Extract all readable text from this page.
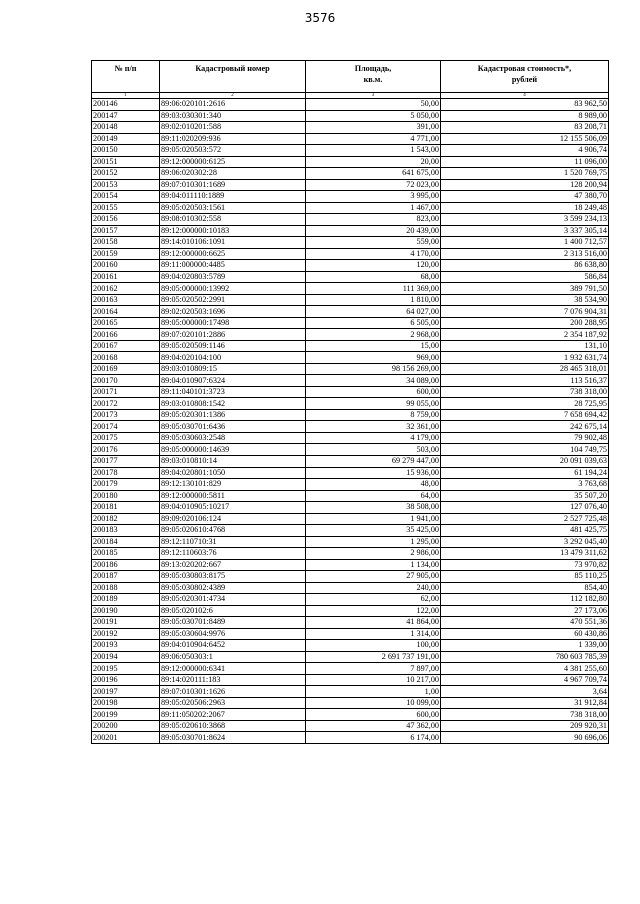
3576
№ п/п	Кадастровый номер	Площадь,
кв.м.	Кадастровая стоимость*,
рублей

1	2	3	4
200146	89:06:020101:2616	50,00	83 962,50
200147	89:03:030301:340	5 050,00	8 989,00
200148	89:02:010201:588	391,00	83 208,71
200149	89:11:020209:936	4 771,00	12 155 506,09
200150	89:05:020503:572	1 543,00	4 906,74
200151	89:12:000000:6125	20,00	11 096,00
200152	89:06:020302:28	641 675,00	1 520 769,75
200153	89:07:010301:1689	72 023,00	128 200,94
200154	89:04:011110:1889	3 995,00	47 380,70
200155	89:05:020503:1561	1 467,00	18 249,48
200156	89:08:010302:558	823,00	3 599 234,13
200157	89:12:000000:10183	20 439,00	3 337 305,14
200158	89:14:010106:1091	559,00	1 400 712,57
200159	89:12:000000:6625	4 170,00	2 313 516,00
200160	89:11:000000:4485	120,00	86 638,80
200161	89:04:020803:5789	68,00	586,84
200162	89:05:000000:13992	111 369,00	389 791,50
200163	89:05:020502:2991	1 810,00	38 534,90
200164	89:02:020503:1696	64 027,00	7 076 904,31
200165	89:05:000000:17498	6 505,00	200 288,95
200166	89:07:020101:2886	2 968,00	2 354 187,92
200167	89:05:020509:1146	15,00	131,10
200168	89:04:020104:100	969,00	1 932 631,74
200169	89:03:010809:15	98 156 269,00	28 465 318,01
200170	89:04:010907:6324	34 089,00	113 516,37
200171	89:11:040101:3723	600,00	738 318,00
200172	89:03:010808:1542	99 055,00	28 725,95
200173	89:05:020301:1386	8 759,00	7 658 694,42
200174	89:05:030701:6436	32 361,00	242 675,14
200175	89:05:030603:2548	4 179,00	79 902,48
200176	89:05:000000:14639	503,00	104 749,75
200177	89:03:010810:14	69 279 447,00	20 091 039,63
200178	89:04:020801:1050	15 936,00	61 194,24
200179	89:12:130101:829	48,00	3 763,68
200180	89:12:000000:5811	64,00	35 507,20
200181	89:04:010905:10217	38 508,00	127 076,40
200182	89:09:020106:124	1 941,00	2 527 725,48
200183	89:05:020610:4768	35 425,00	481 425,75
200184	89:12:110710:31	1 295,00	3 292 045,40
200185	89:12:110603:76	2 986,00	13 479 311,62
200186	89:13:020202:667	1 134,00	73 970,82
200187	89:05:030803:8175	27 905,00	85 110,25
200188	89:05:030802:4389	240,00	854,40
200189	89:05:020301:4734	62,00	112 182,80
200190	89:05:020102:6	122,00	27 173,06
200191	89:05:030701:8489	41 864,00	470 551,36
200192	89:05:030604:9976	1 314,00	60 430,86
200193	89:04:010904:6452	100,00	1 339,00
200194	89:06:050303:1	2 691 737 191,00	780 603 785,39
200195	89:12:000000:6341	7 897,00	4 381 255,60
200196	89:14:020111:183	10 217,00	4 967 709,74
200197	89:07:010301:1626	1,00	3,64
200198	89:05:020506:2963	10 099,00	31 912,84
200199	89:11:050202:2067	600,00	738 318,00
200200	89:05:020610:3868	47 362,00	209 920,31
200201	89:05:030701:8624	6 174,00	90 696,06
